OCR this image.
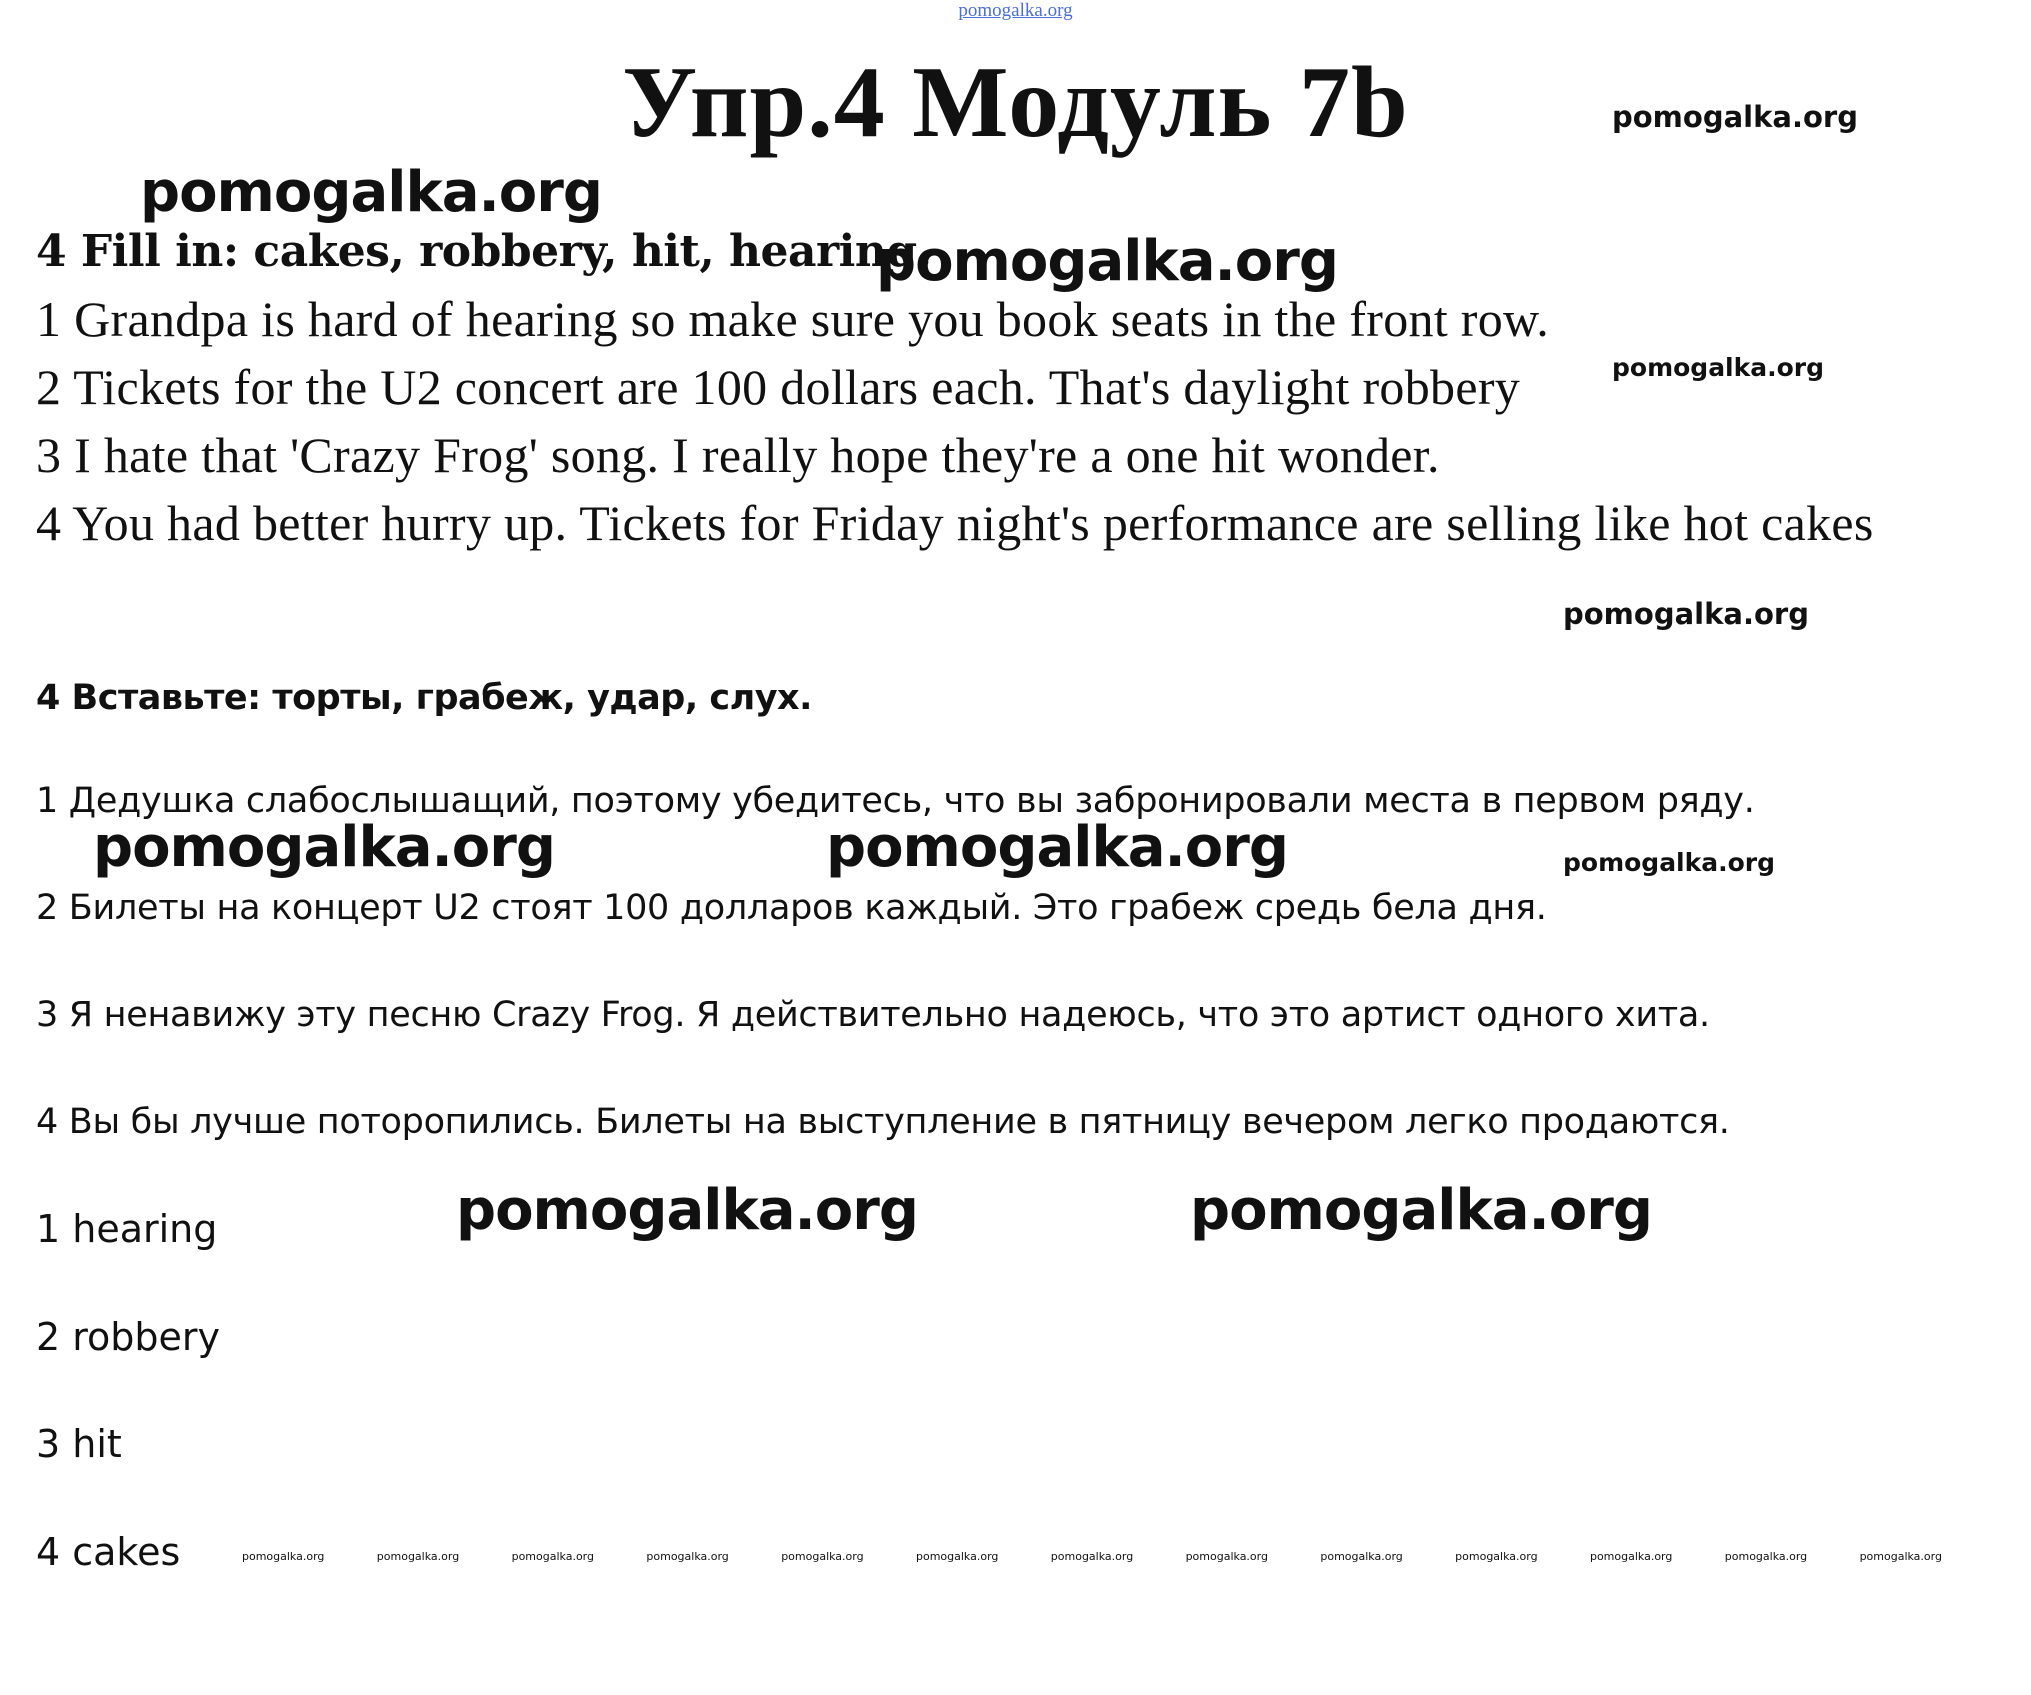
pomogalka.org
Упр.4 Модуль 7b	pomogalka.org
pomogalka.org
pomogalka.org
pomogalka.org
pomogalka.org
pomogalka.org	pomogalka.org	pomogalka.org
pomogalka.org	pomogalka.org
4 Fill in: cakes, robbery, hit, hearing.
1 Grandpa is hard of hearing so make sure you book seats in the front row.
2 Tickets for the U2 concert are 100 dollars each. That's daylight robbery
3 I hate that 'Crazy Frog' song. I really hope they're a one hit wonder.
4 You had better hurry up. Tickets for Friday night's performance are selling like hot cakes
4 Вставьте: торты, грабеж, удар, слух.
1 Дедушка слабослышащий, поэтому убедитесь, что вы забронировали места в первом ряду.
2 Билеты на концерт U2 стоят 100 долларов каждый. Это грабеж средь бела дня.
3 Я ненавижу эту песню Crazy Frog. Я действительно надеюсь, что это артист одного хита.
4 Вы бы лучше поторопились. Билеты на выступление в пятницу вечером легко продаются.
1 hearing
2 robbery
3 hit
4 cakes	pomogalka.org	pomogalka.org	pomogalka.org	pomogalka.org	pomogalka.org	pomogalka.org	pomogalka.org	pomogalka.org	pomogalka.org	pomogalka.org	pomogalka.org	pomogalka.org	pomogalka.org
